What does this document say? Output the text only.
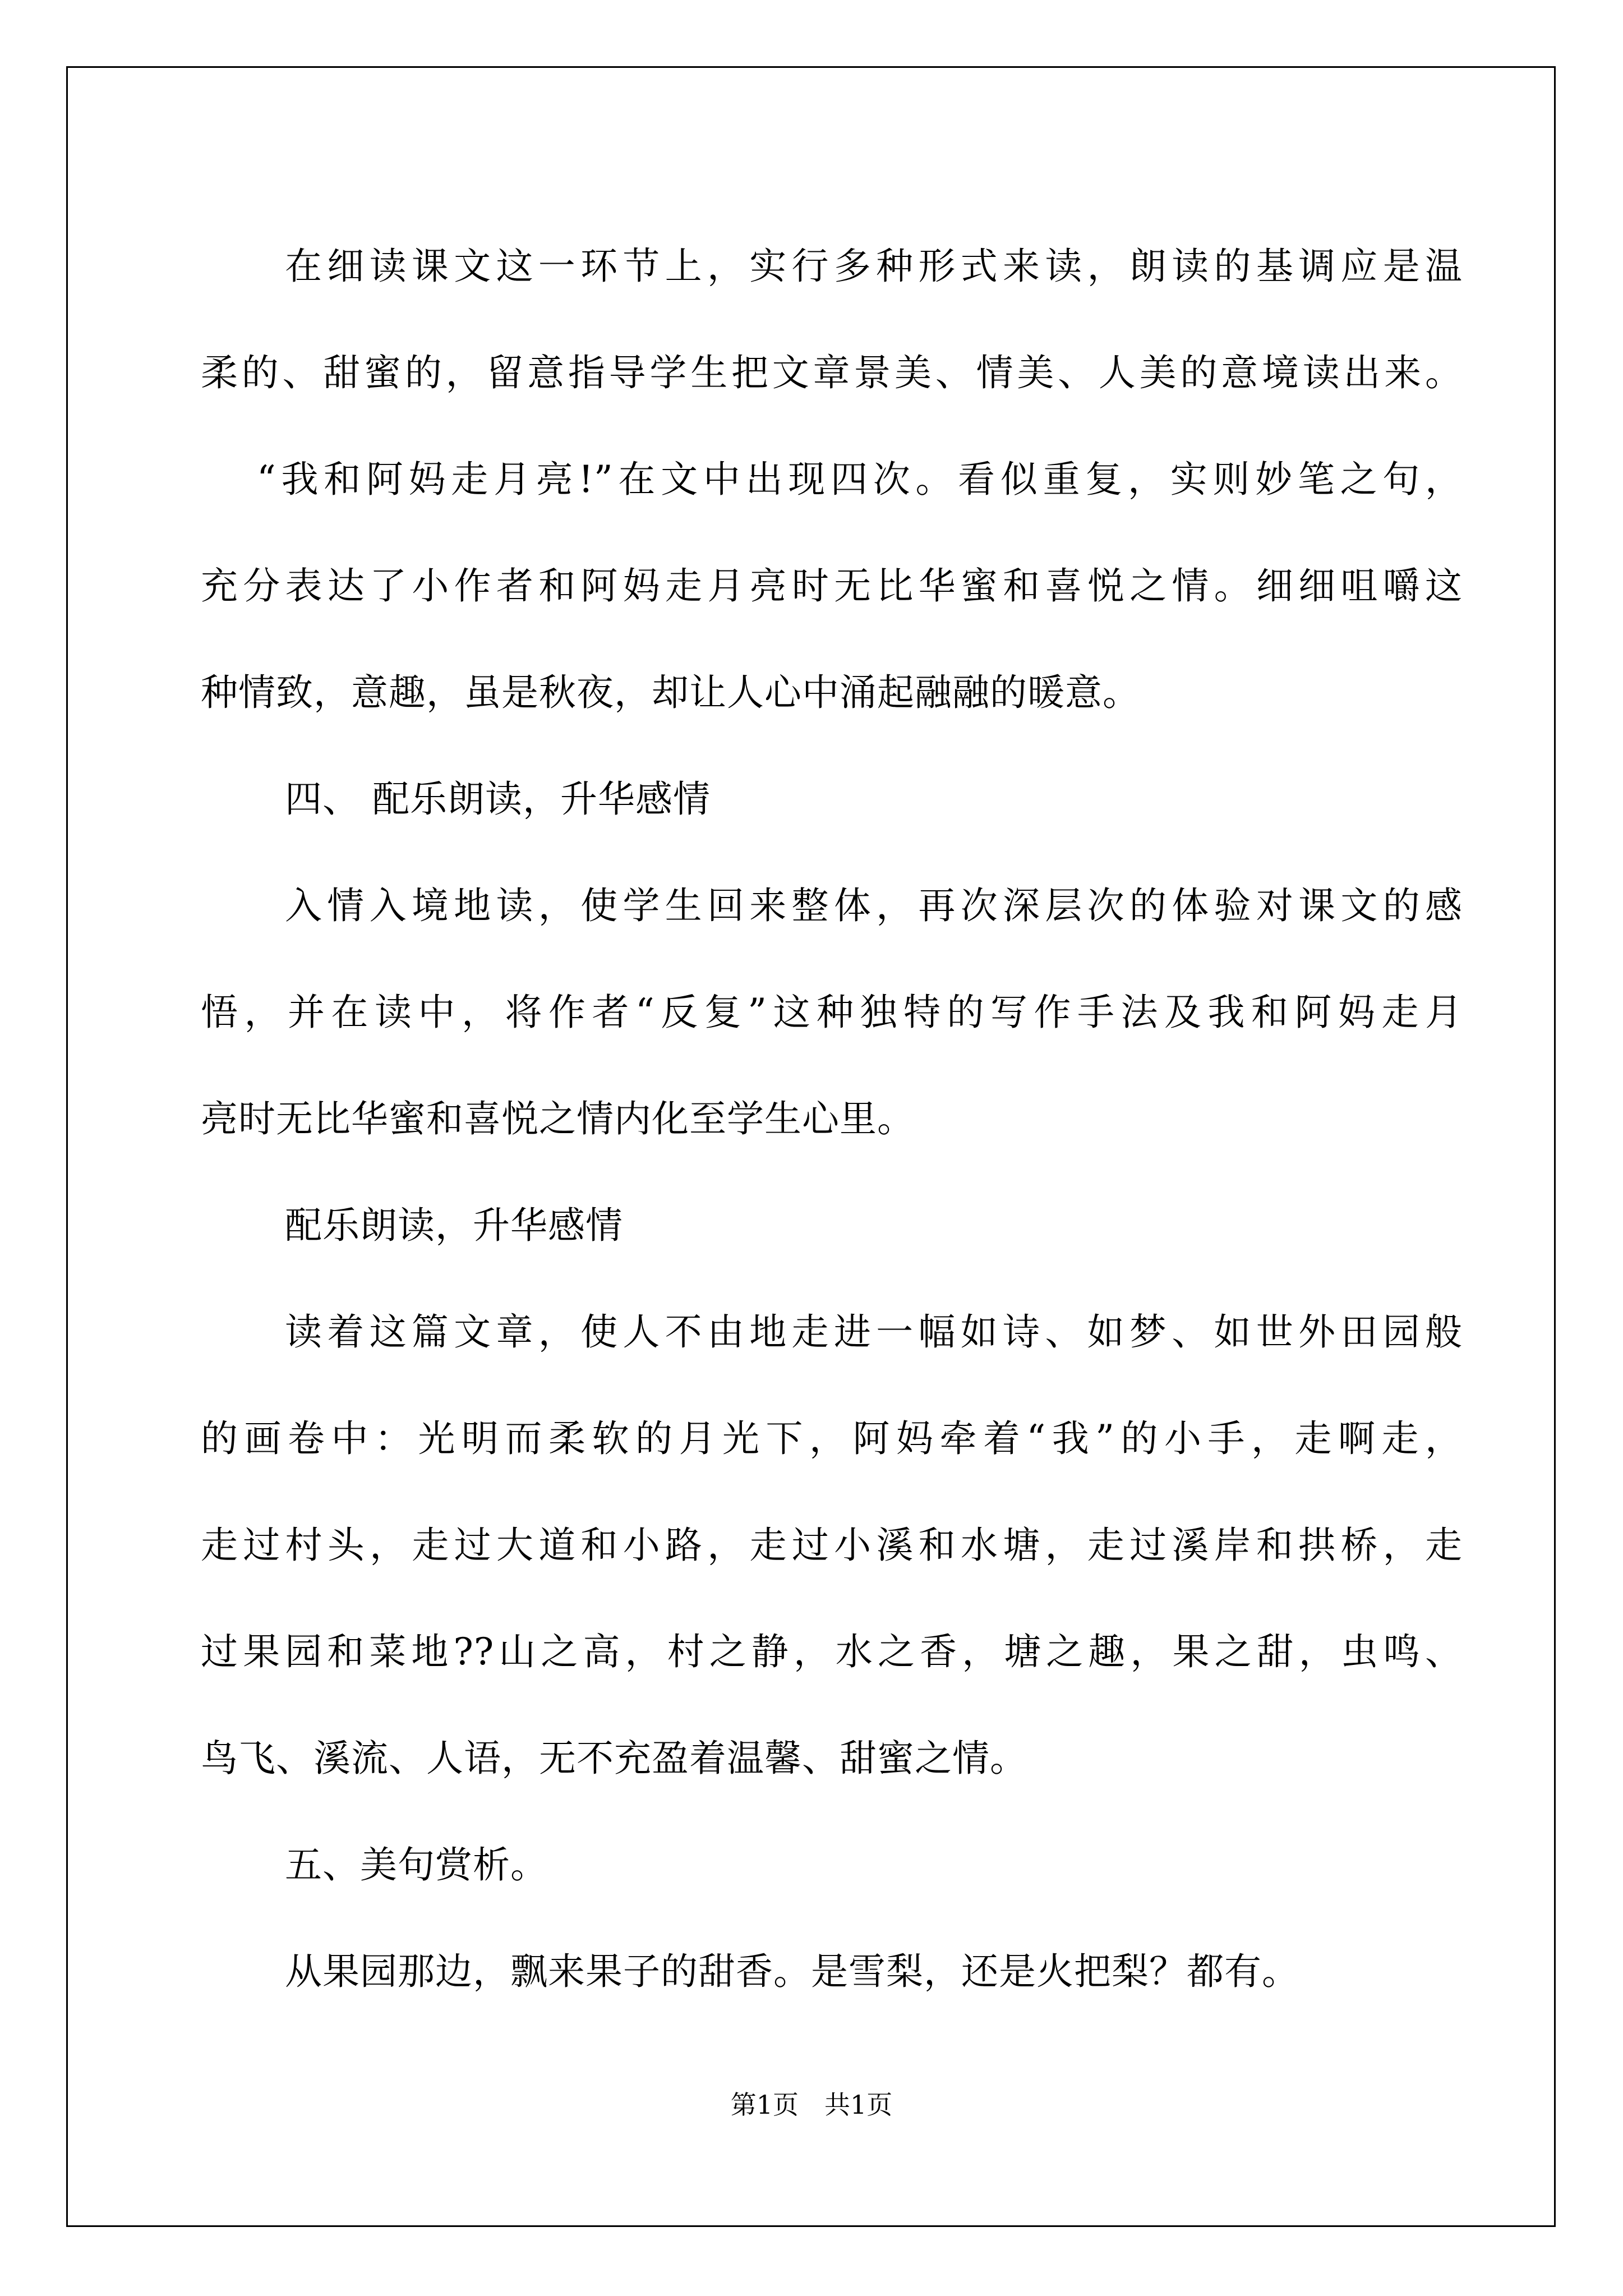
在细读课文这一环节上，实行多种形式来读，朗读的基调应是温
柔的、甜蜜的，留意指导学生把文章景美、情美、人美的意境读出来。
“我和阿妈走月亮!”在文中出现四次。看似重复，实则妙笔之句，
充分表达了小作者和阿妈走月亮时无比华蜜和喜悦之情。细细咀嚼这
种情致，意趣，虽是秋夜，却让人心中涌起融融的暖意。
四、 配乐朗读，升华感情
入情入境地读，使学生回来整体，再次深层次的体验对课文的感
悟，并在读中，将作者“反复”这种独特的写作手法及我和阿妈走月
亮时无比华蜜和喜悦之情内化至学生心里。
配乐朗读，升华感情
读着这篇文章，使人不由地走进一幅如诗、如梦、如世外田园般
的画卷中：光明而柔软的月光下，阿妈牵着“我”的小手，走啊走，
走过村头，走过大道和小路，走过小溪和水塘，走过溪岸和拱桥，走
过果园和菜地??山之高，村之静，水之香，塘之趣，果之甜，虫鸣、
鸟飞、溪流、人语，无不充盈着温馨、甜蜜之情。
五、美句赏析。
从果园那边，飘来果子的甜香。是雪梨，还是火把梨？都有。
第1页 共1页
